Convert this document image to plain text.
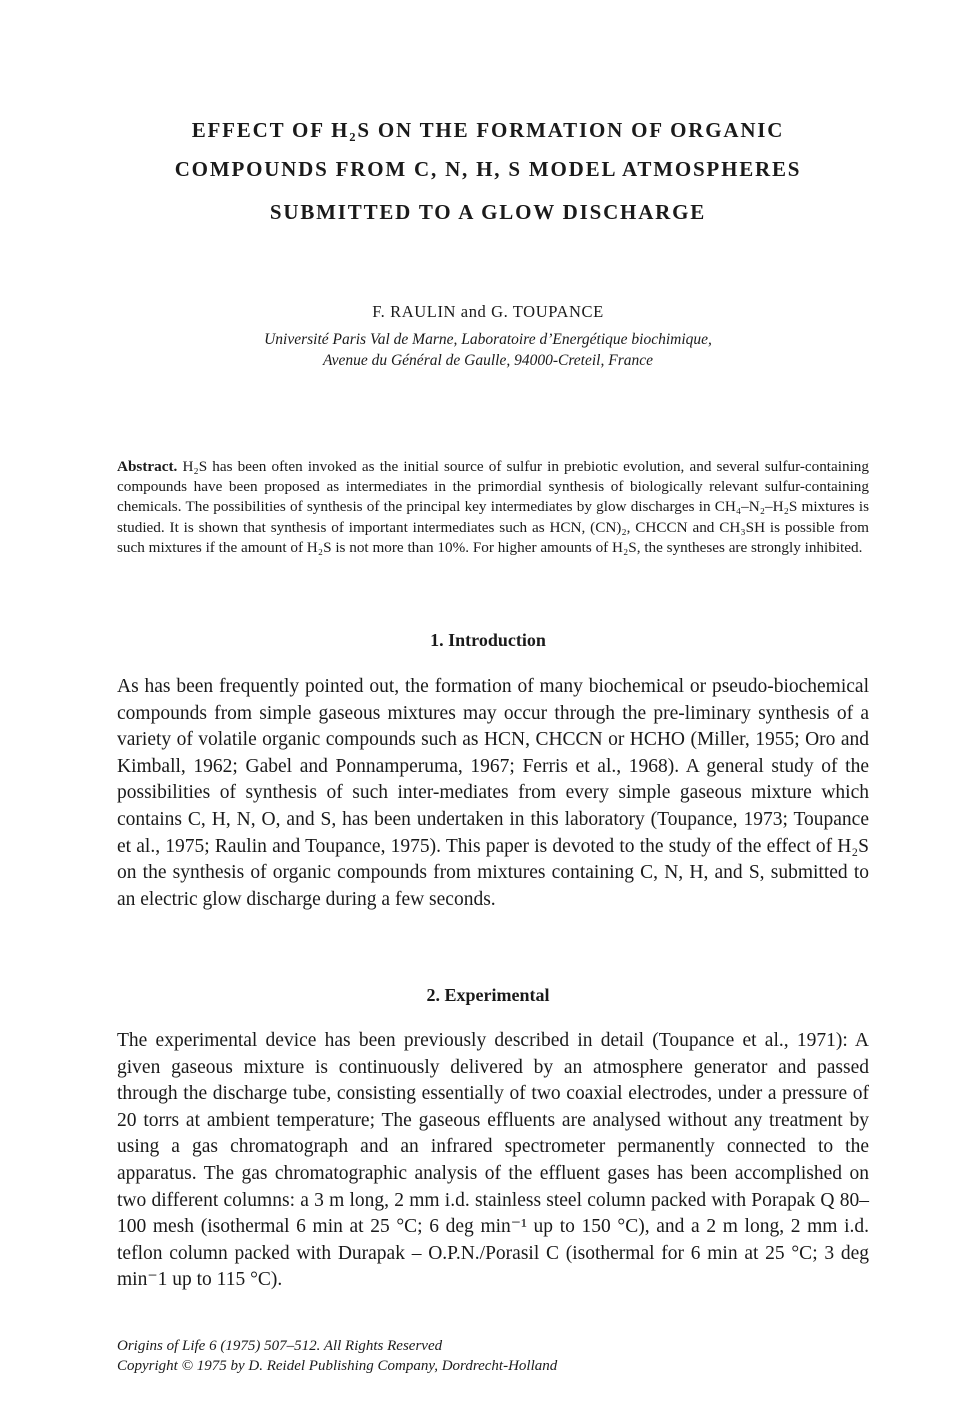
EFFECT OF H₂S ON THE FORMATION OF ORGANIC
COMPOUNDS FROM C, N, H, S MODEL ATMOSPHERES
SUBMITTED TO A GLOW DISCHARGE
F. RAULIN and G. TOUPANCE
Université Paris Val de Marne, Laboratoire d’Energétique biochimique,
Avenue du Général de Gaulle, 94000-Creteil, France
Abstract. H₂S has been often invoked as the initial source of sulfur in prebiotic evolution, and several sulfur-containing compounds have been proposed as intermediates in the primordial synthesis of biologically relevant sulfur-containing chemicals. The possibilities of synthesis of the principal key intermediates by glow discharges in CH₄–N₂–H₂S mixtures is studied. It is shown that synthesis of important intermediates such as HCN, (CN)₂, CHCCN and CH₃SH is possible from such mixtures if the amount of H₂S is not more than 10%. For higher amounts of H₂S, the syntheses are strongly inhibited.
1. Introduction
As has been frequently pointed out, the formation of many biochemical or pseudo-biochemical compounds from simple gaseous mixtures may occur through the pre-liminary synthesis of a variety of volatile organic compounds such as HCN, CHCCN or HCHO (Miller, 1955; Oro and Kimball, 1962; Gabel and Ponnamperuma, 1967; Ferris et al., 1968). A general study of the possibilities of synthesis of such inter-mediates from every simple gaseous mixture which contains C, H, N, O, and S, has been undertaken in this laboratory (Toupance, 1973; Toupance et al., 1975; Raulin and Toupance, 1975). This paper is devoted to the study of the effect of H₂S on the synthesis of organic compounds from mixtures containing C, N, H, and S, submitted to an electric glow discharge during a few seconds.
2. Experimental
The experimental device has been previously described in detail (Toupance et al., 1971): A given gaseous mixture is continuously delivered by an atmosphere generator and passed through the discharge tube, consisting essentially of two coaxial electrodes, under a pressure of 20 torrs at ambient temperature; The gaseous effluents are analysed without any treatment by using a gas chromatograph and an infrared spectrometer permanently connected to the apparatus. The gas chromatographic analysis of the effluent gases has been accomplished on two different columns: a 3 m long, 2 mm i.d. stainless steel column packed with Porapak Q 80–100 mesh (isothermal 6 min at 25 °C; 6 deg min⁻¹ up to 150 °C), and a 2 m long, 2 mm i.d. teflon column packed with Durapak – O.P.N./Porasil C (isothermal for 6 min at 25 °C; 3 deg min⁻1 up to 115 °C).
Origins of Life 6 (1975) 507–512. All Rights Reserved
Copyright © 1975 by D. Reidel Publishing Company, Dordrecht-Holland
